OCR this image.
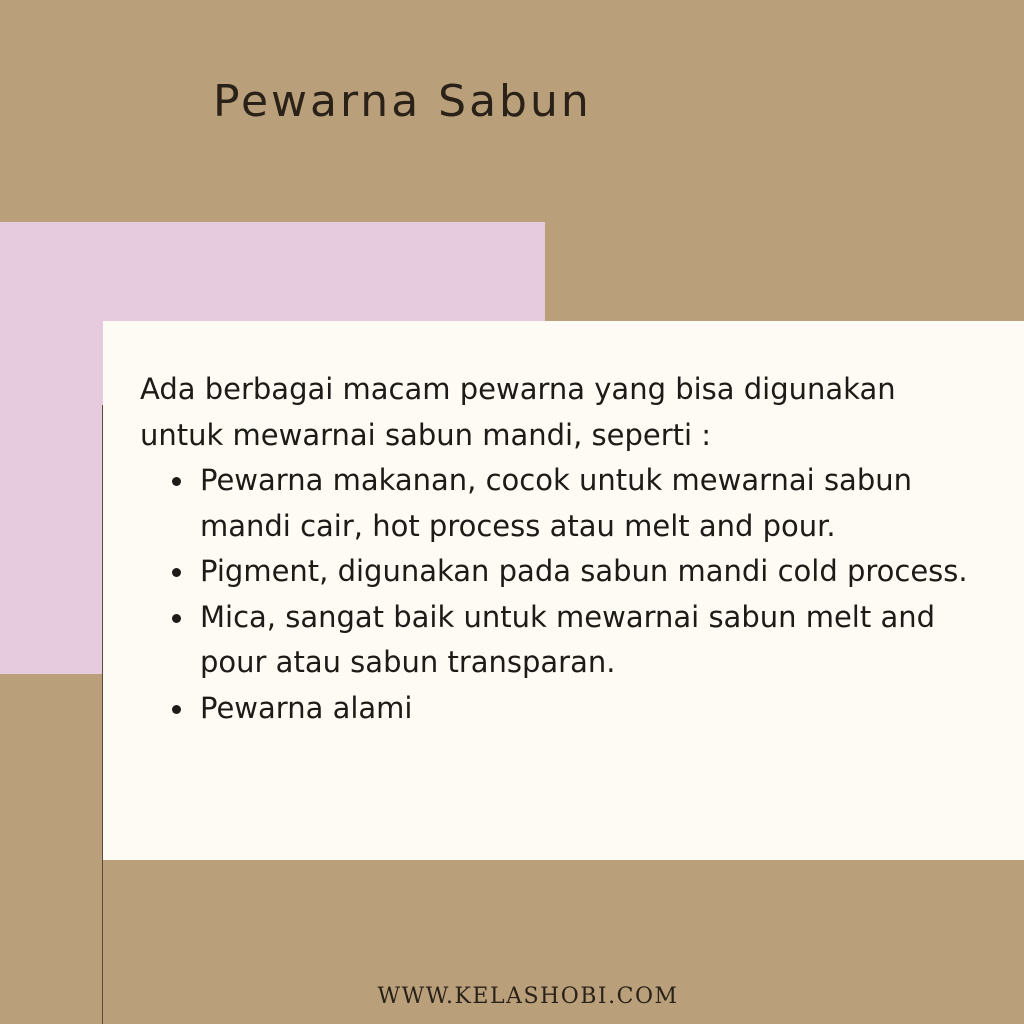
Pewarna Sabun

Ada berbagai macam pewarna yang bisa digunakan untuk mewarnai sabun mandi, seperti :

Pewarna makanan, cocok untuk mewarnai sabun mandi cair, hot process atau melt and pour.
Pigment, digunakan pada sabun mandi cold process.
Mica, sangat baik untuk mewarnai sabun melt and pour atau sabun transparan.
Pewarna alami
WWW.KELASHOBI.COM
